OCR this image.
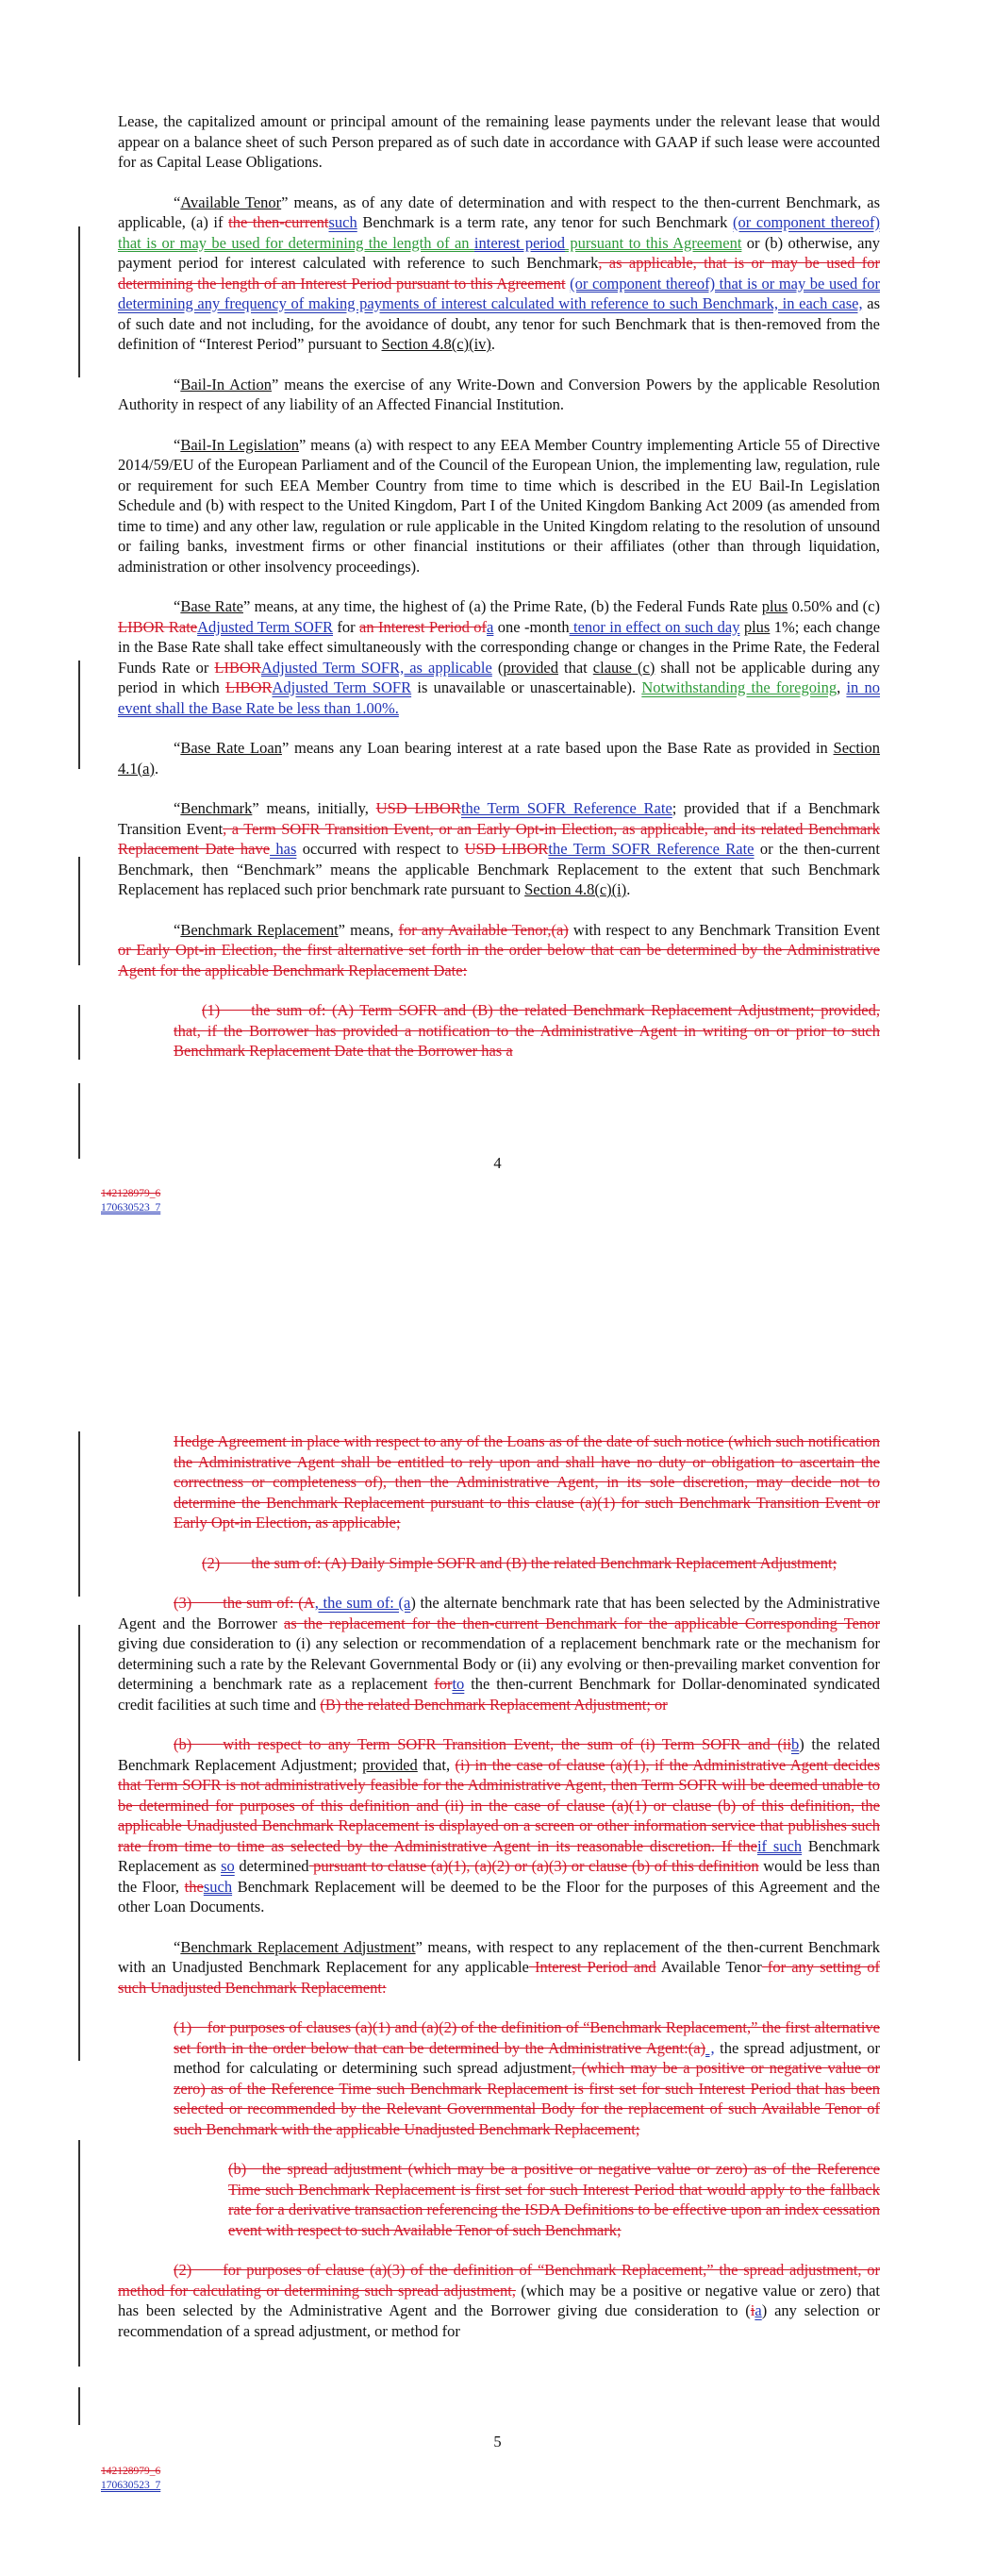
Lease, the capitalized amount or principal amount of the remaining lease payments under the relevant lease that would appear on a balance sheet of such Person prepared as of such date in accordance with GAAP if such lease were accounted for as Capital Lease Obligations.

“Available Tenor” means, as of any date of determination and with respect to the then-current Benchmark, as applicable, (a) if the then-currentsuch Benchmark is a term rate, any tenor for such Benchmark (or component thereof) that is or may be used for determining the length of an interest period pursuant to this Agreement or (b) otherwise, any payment period for interest calculated with reference to such Benchmark, as applicable, that is or may be used for determining the length of an Interest Period pursuant to this Agreement (or component thereof) that is or may be used for determining any frequency of making payments of interest calculated with reference to such Benchmark, in each case, as of such date and not including, for the avoidance of doubt, any tenor for such Benchmark that is then-removed from the definition of “Interest Period” pursuant to Section 4.8(c)(iv).

“Bail-In Action” means the exercise of any Write-Down and Conversion Powers by the applicable Resolution Authority in respect of any liability of an Affected Financial Institution.

“Bail-In Legislation” means (a) with respect to any EEA Member Country implementing Article 55 of Directive 2014/59/EU of the European Parliament and of the Council of the European Union, the implementing law, regulation, rule or requirement for such EEA Member Country from time to time which is described in the EU Bail-In Legislation Schedule and (b) with respect to the United Kingdom, Part I of the United Kingdom Banking Act 2009 (as amended from time to time) and any other law, regulation or rule applicable in the United Kingdom relating to the resolution of unsound or failing banks, investment firms or other financial institutions or their affiliates (other than through liquidation, administration or other insolvency proceedings).

“Base Rate” means, at any time, the highest of (a) the Prime Rate, (b) the Federal Funds Rate plus 0.50% and (c) LIBOR RateAdjusted Term SOFR for an Interest Period ofa one -month tenor in effect on such day plus 1%; each change in the Base Rate shall take effect simultaneously with the corresponding change or changes in the Prime Rate, the Federal Funds Rate or LIBORAdjusted Term SOFR, as applicable (provided that clause (c) shall not be applicable during any period in which LIBORAdjusted Term SOFR is unavailable or unascertainable). Notwithstanding the foregoing, in no event shall the Base Rate be less than 1.00%.

“Base Rate Loan” means any Loan bearing interest at a rate based upon the Base Rate as provided in Section 4.1(a).

“Benchmark” means, initially, USD LIBORthe Term SOFR Reference Rate; provided that if a Benchmark Transition Event, a Term SOFR Transition Event, or an Early Opt-in Election, as applicable, and its related Benchmark Replacement Date have has occurred with respect to USD LIBORthe Term SOFR Reference Rate or the then-current Benchmark, then “Benchmark” means the applicable Benchmark Replacement to the extent that such Benchmark Replacement has replaced such prior benchmark rate pursuant to Section 4.8(c)(i).

“Benchmark Replacement” means, for any Available Tenor,(a) with respect to any Benchmark Transition Event or Early Opt-in Election, the first alternative set forth in the order below that can be determined by the Administrative Agent for the applicable Benchmark Replacement Date:

(1)  the sum of: (A) Term SOFR and (B) the related Benchmark Replacement Adjustment; provided, that, if the Borrower has provided a notification to the Administrative Agent in writing on or prior to such Benchmark Replacement Date that the Borrower has a

4
142128979_6
170630523_7

Hedge Agreement in place with respect to any of the Loans as of the date of such notice (which such notification the Administrative Agent shall be entitled to rely upon and shall have no duty or obligation to ascertain the correctness or completeness of), then the Administrative Agent, in its sole discretion, may decide not to determine the Benchmark Replacement pursuant to this clause (a)(1) for such Benchmark Transition Event or Early Opt-in Election, as applicable;

(2)  the sum of: (A) Daily Simple SOFR and (B) the related Benchmark Replacement Adjustment;

(3)  the sum of: (A, the sum of: (a) the alternate benchmark rate that has been selected by the Administrative Agent and the Borrower as the replacement for the then-current Benchmark for the applicable Corresponding Tenor giving due consideration to (i) any selection or recommendation of a replacement benchmark rate or the mechanism for determining such a rate by the Relevant Governmental Body or (ii) any evolving or then-prevailing market convention for determining a benchmark rate as a replacement forto the then-current Benchmark for Dollar-denominated syndicated credit facilities at such time and (B) the related Benchmark Replacement Adjustment; or

(b)  with respect to any Term SOFR Transition Event, the sum of (i) Term SOFR and (iib) the related Benchmark Replacement Adjustment; provided that, (i) in the case of clause (a)(1), if the Administrative Agent decides that Term SOFR is not administratively feasible for the Administrative Agent, then Term SOFR will be deemed unable to be determined for purposes of this definition and (ii) in the case of clause (a)(1) or clause (b) of this definition, the applicable Unadjusted Benchmark Replacement is displayed on a screen or other information service that publishes such rate from time to time as selected by the Administrative Agent in its reasonable discretion. If theif such Benchmark Replacement as so determined pursuant to clause (a)(1), (a)(2) or (a)(3) or clause (b) of this definition would be less than the Floor, thesuch Benchmark Replacement will be deemed to be the Floor for the purposes of this Agreement and the other Loan Documents.

“Benchmark Replacement Adjustment” means, with respect to any replacement of the then-current Benchmark with an Unadjusted Benchmark Replacement for any applicable Interest Period and Available Tenor for any setting of such Unadjusted Benchmark Replacement:

(1) for purposes of clauses (a)(1) and (a)(2) of the definition of “Benchmark Replacement,” the first alternative set forth in the order below that can be determined by the Administrative Agent:(a) , the spread adjustment, or method for calculating or determining such spread adjustment, (which may be a positive or negative value or zero) as of the Reference Time such Benchmark Replacement is first set for such Interest Period that has been selected or recommended by the Relevant Governmental Body for the replacement of such Available Tenor of such Benchmark with the applicable Unadjusted Benchmark Replacement;

(b) the spread adjustment (which may be a positive or negative value or zero) as of the Reference Time such Benchmark Replacement is first set for such Interest Period that would apply to the fallback rate for a derivative transaction referencing the ISDA Definitions to be effective upon an index cessation event with respect to such Available Tenor of such Benchmark;

(2)  for purposes of clause (a)(3) of the definition of “Benchmark Replacement,” the spread adjustment, or method for calculating or determining such spread adjustment, (which may be a positive or negative value or zero) that has been selected by the Administrative Agent and the Borrower giving due consideration to (ia) any selection or recommendation of a spread adjustment, or method for

5
142128979_6
170630523_7
